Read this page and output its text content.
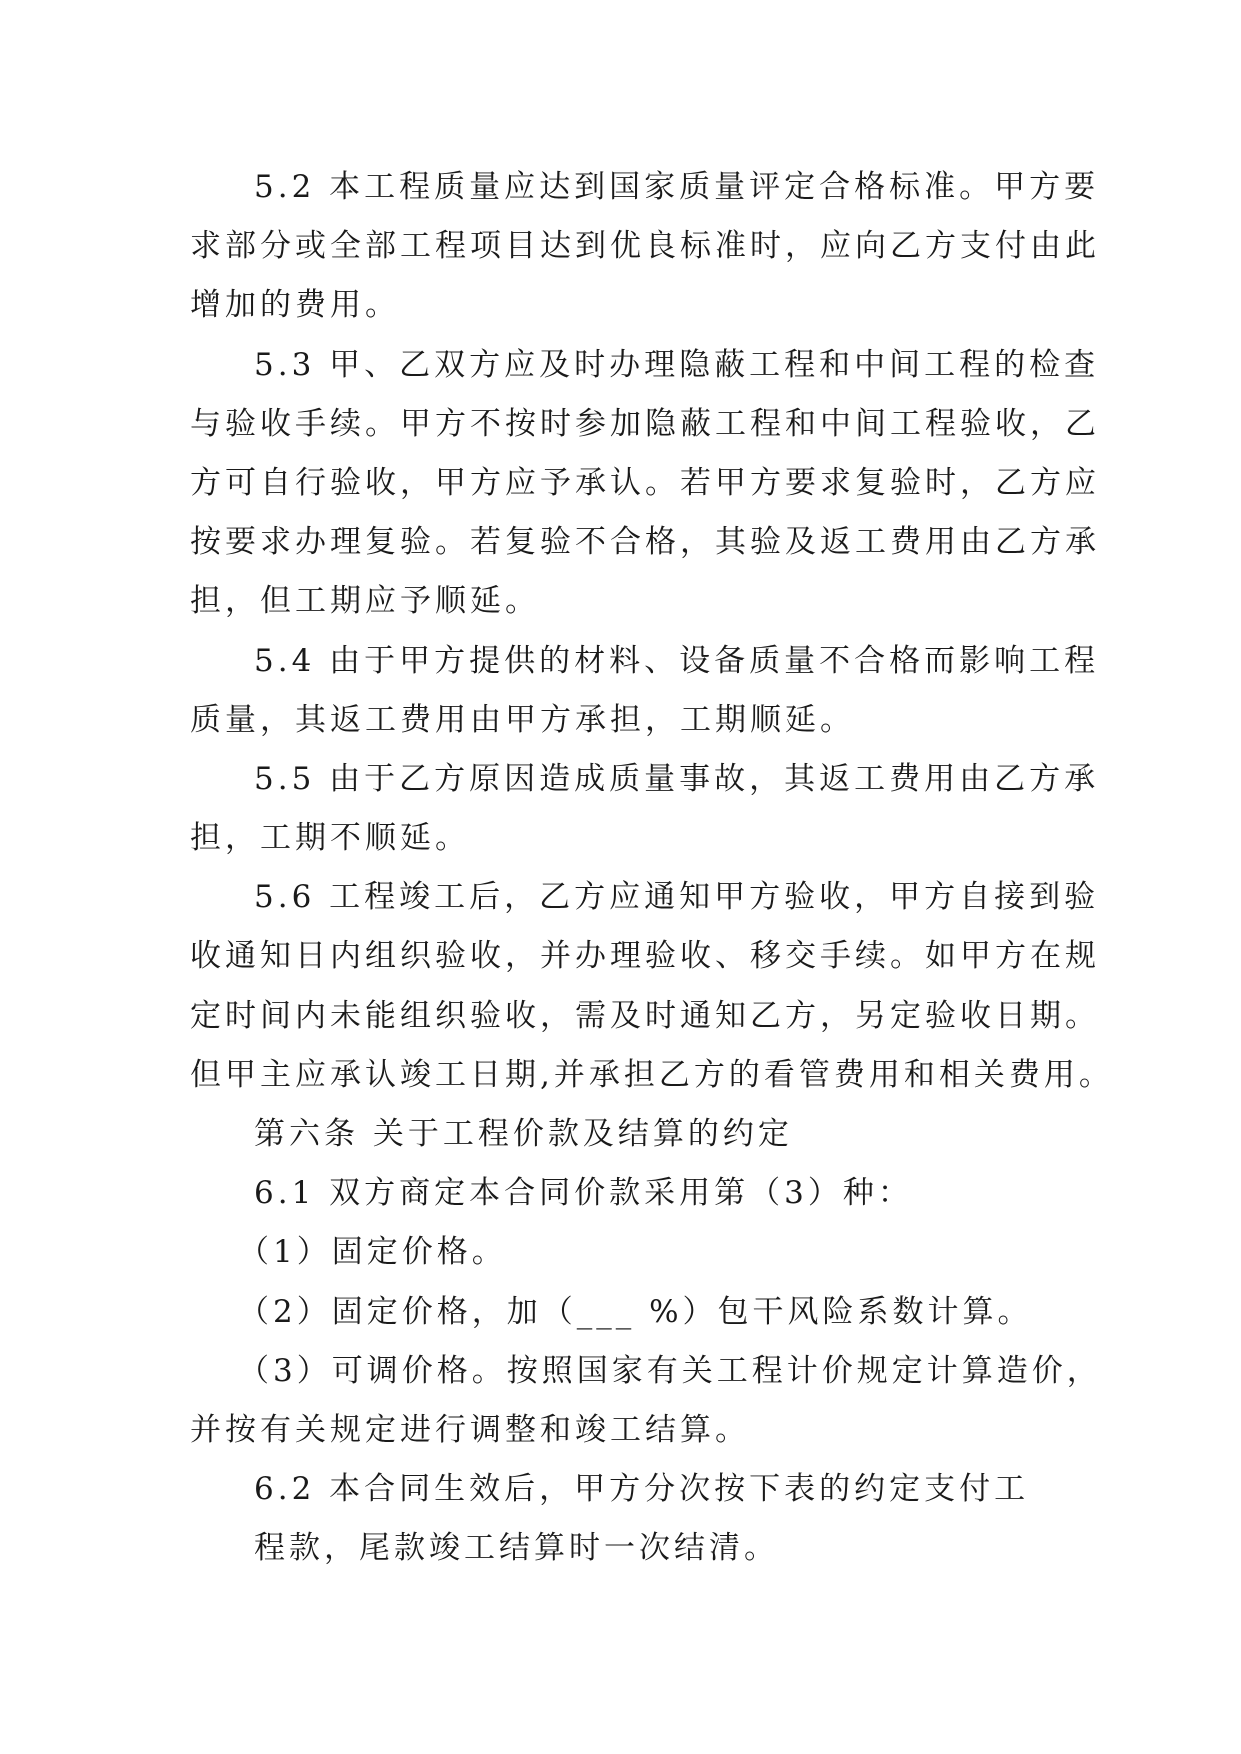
5.2 本工程质量应达到国家质量评定合格标准。甲方要
求部分或全部工程项目达到优良标准时，应向乙方支付由此
增加的费用。
5.3 甲、乙双方应及时办理隐蔽工程和中间工程的检查
与验收手续。甲方不按时参加隐蔽工程和中间工程验收，乙
方可自行验收，甲方应予承认。若甲方要求复验时，乙方应
按要求办理复验。若复验不合格，其验及返工费用由乙方承
担，但工期应予顺延。
5.4 由于甲方提供的材料、设备质量不合格而影响工程
质量，其返工费用由甲方承担，工期顺延。
5.5 由于乙方原因造成质量事故，其返工费用由乙方承
担，工期不顺延。
5.6 工程竣工后，乙方应通知甲方验收，甲方自接到验
收通知日内组织验收，并办理验收、移交手续。如甲方在规
定时间内未能组织验收，需及时通知乙方，另定验收日期。
但甲主应承认竣工日期,并承担乙方的看管费用和相关费用。
第六条 关于工程价款及结算的约定
6.1 双方商定本合同价款采用第（3）种：
（1）固定价格。
（2）固定价格，加（___ %）包干风险系数计算。
（3）可调价格。按照国家有关工程计价规定计算造价，
并按有关规定进行调整和竣工结算。
6.2 本合同生效后，甲方分次按下表的约定支付工
程款，尾款竣工结算时一次结清。
